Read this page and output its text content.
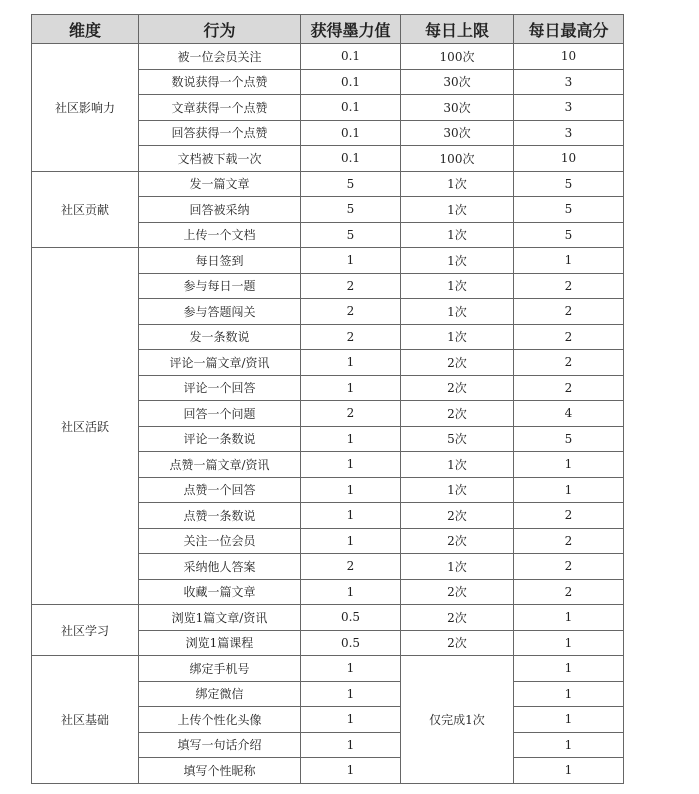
维度	行为	获得墨力值	每日上限	每日最高分
社区影响力	被一位会员关注	0.1	100次	10
	数说获得一个点赞	0.1	30次	3
	文章获得一个点赞	0.1	30次	3
	回答获得一个点赞	0.1	30次	3
	文档被下载一次	0.1	100次	10
社区贡献	发一篇文章	5	1次	5
	回答被采纳	5	1次	5
	上传一个文档	5	1次	5
社区活跃	每日签到	1	1次	1
	参与每日一题	2	1次	2
	参与答题闯关	2	1次	2
	发一条数说	2	1次	2
	评论一篇文章/资讯	1	2次	2
	评论一个回答	1	2次	2
	回答一个问题	2	2次	4
	评论一条数说	1	5次	5
	点赞一篇文章/资讯	1	1次	1
	点赞一个回答	1	1次	1
	点赞一条数说	1	2次	2
	关注一位会员	1	2次	2
	采纳他人答案	2	1次	2
	收藏一篇文章	1	2次	2
社区学习	浏览1篇文章/资讯	0.5	2次	1
	浏览1篇课程	0.5	2次	1
社区基础	绑定手机号	1	仅完成1次	1
	绑定微信	1		1
	上传个性化头像	1		1
	填写一句话介绍	1		1
	填写个性昵称	1		1
